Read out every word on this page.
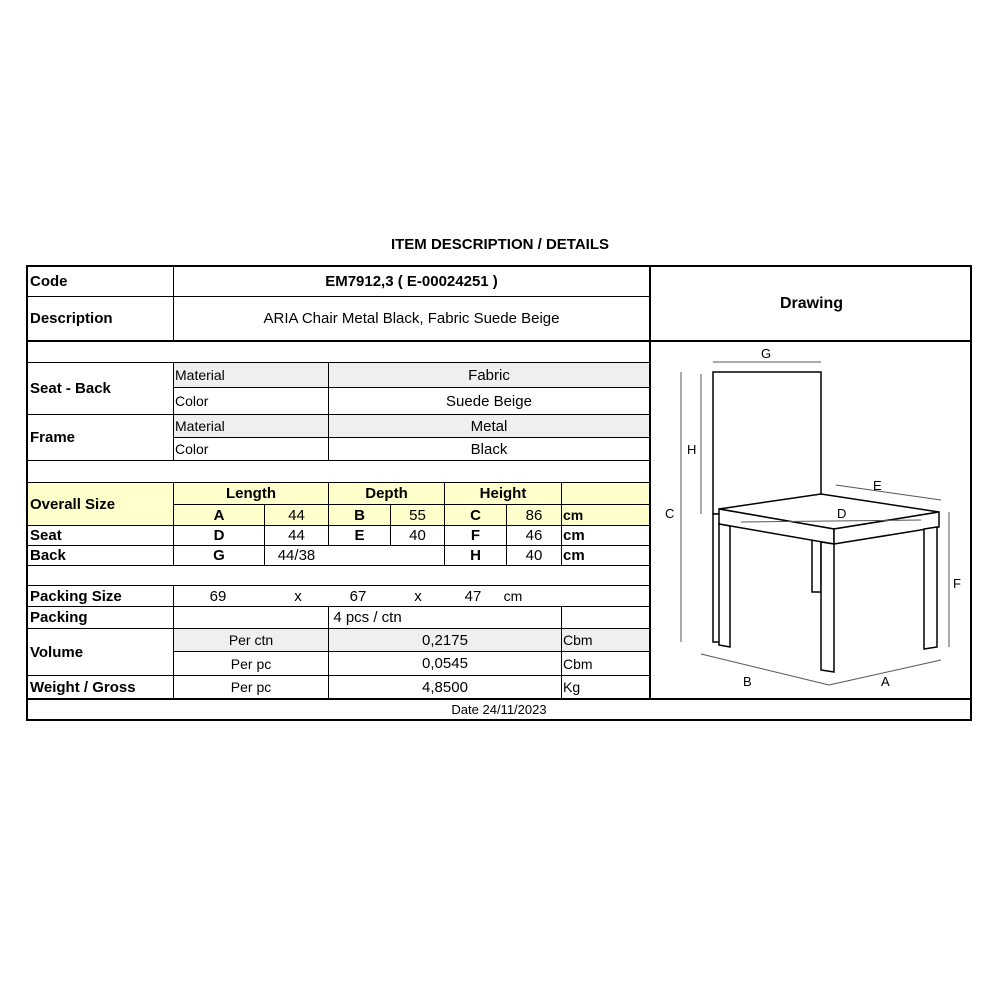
ITEM DESCRIPTION / DETAILS
Code	EM7912,3 ( E-00024251 )
Description	ARIA Chair Metal Black, Fabric Suede Beige
Drawing
Seat - Back
Material	Fabric
Color	Suede Beige
Frame
Material	Metal
Color	Black
Overall Size
Length	Depth	Height
A	44	B	55	C	86	cm
Seat	D	44	E	40	F	46	cm
Back	G	44/38	H	40	cm
Packing Size	69	x	67	x	47	cm
Packing	4 pcs / ctn
Volume
Per ctn	0,2175	Cbm
Per pc	0,0545	Cbm
Weight / Gross	Per pc	4,8500	Kg
Date 24/11/2023
G
H
C
E
D
F
B	A
